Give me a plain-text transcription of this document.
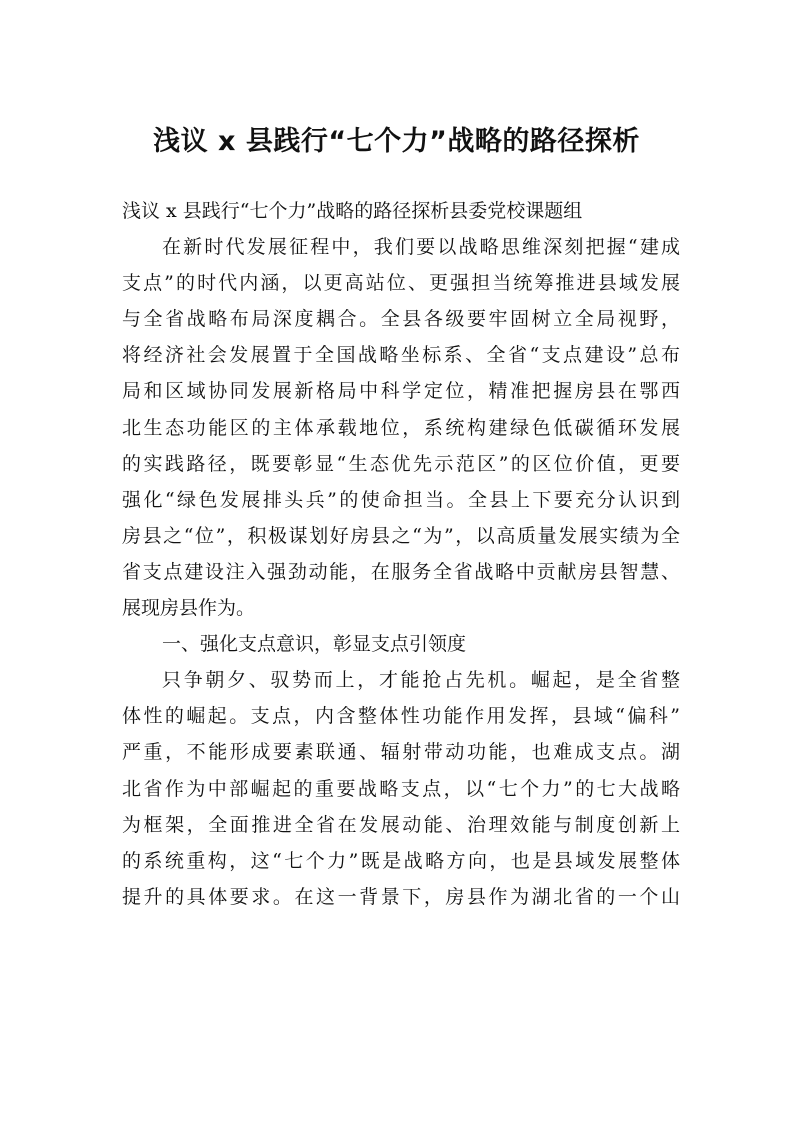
浅议 x 县践行“七个力”战略的路径探析
浅议 x 县践行“七个力”战略的路径探析县委党校课题组
在新时代发展征程中，我们要以战略思维深刻把握“建成
支点”的时代内涵，以更高站位、更强担当统筹推进县域发展
与全省战略布局深度耦合。全县各级要牢固树立全局视野，
将经济社会发展置于全国战略坐标系、全省“支点建设”总布
局和区域协同发展新格局中科学定位，精准把握房县在鄂西
北生态功能区的主体承载地位，系统构建绿色低碳循环发展
的实践路径，既要彰显“生态优先示范区”的区位价值，更要
强化“绿色发展排头兵”的使命担当。全县上下要充分认识到
房县之“位”，积极谋划好房县之“为”，以高质量发展实绩为全
省支点建设注入强劲动能，在服务全省战略中贡献房县智慧、
展现房县作为。
一、强化支点意识，彰显支点引领度
只争朝夕、驭势而上，才能抢占先机。崛起，是全省整
体性的崛起。支点，内含整体性功能作用发挥，县域“偏科”
严重，不能形成要素联通、辐射带动功能，也难成支点。湖
北省作为中部崛起的重要战略支点，以“七个力”的七大战略
为框架，全面推进全省在发展动能、治理效能与制度创新上
的系统重构，这“七个力”既是战略方向，也是县域发展整体
提升的具体要求。在这一背景下，房县作为湖北省的一个山
